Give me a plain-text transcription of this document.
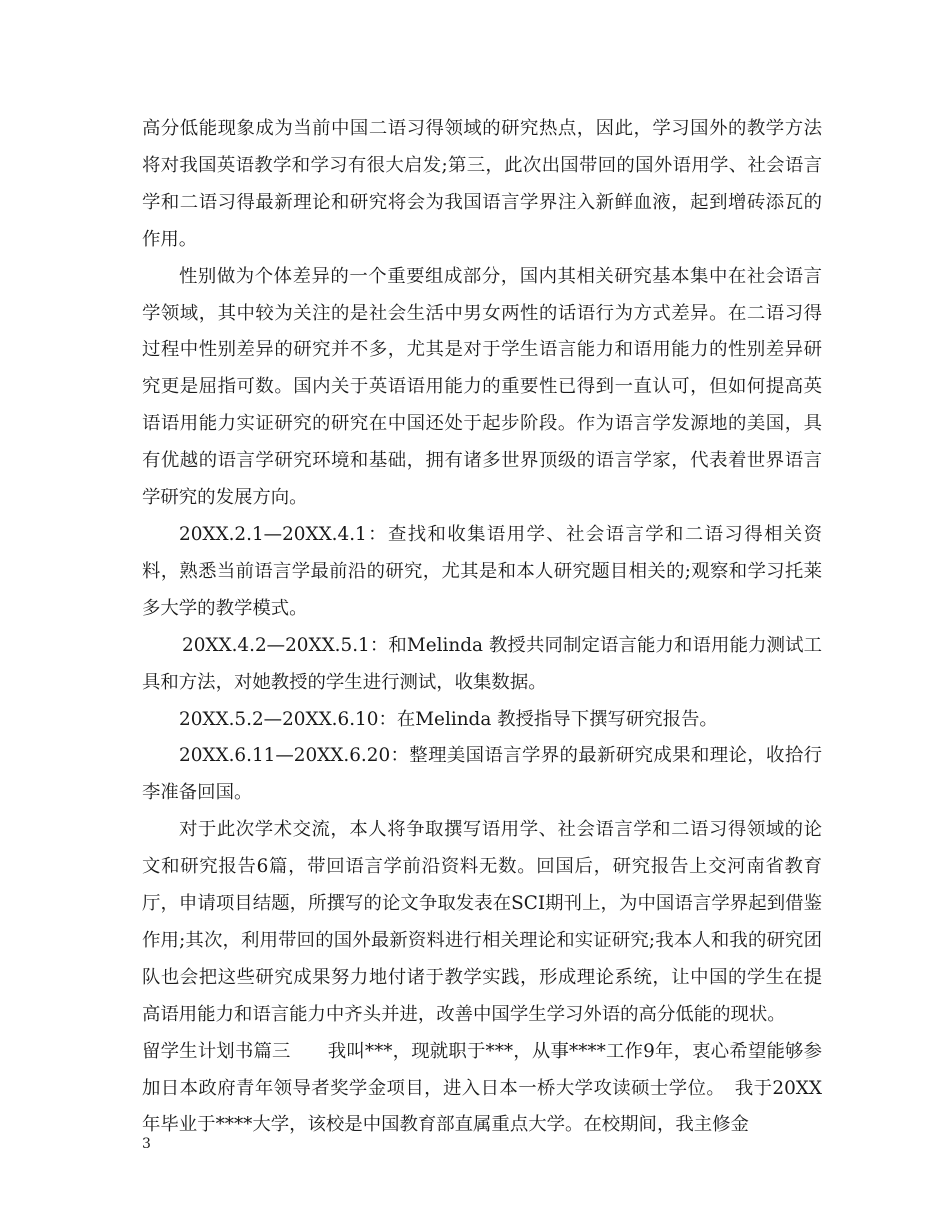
高分低能现象成为当前中国二语习得领域的研究热点，因此，学习国外的教学方法将对我国英语教学和学习有很大启发;第三，此次出国带回的国外语用学、社会语言学和二语习得最新理论和研究将会为我国语言学界注入新鲜血液，起到增砖添瓦的作用。

性别做为个体差异的一个重要组成部分，国内其相关研究基本集中在社会语言学领域，其中较为关注的是社会生活中男女两性的话语行为方式差异。在二语习得过程中性别差异的研究并不多，尤其是对于学生语言能力和语用能力的性别差异研究更是屈指可数。国内关于英语语用能力的重要性已得到一直认可，但如何提高英语语用能力实证研究的研究在中国还处于起步阶段。作为语言学发源地的美国，具有优越的语言学研究环境和基础，拥有诸多世界顶级的语言学家，代表着世界语言学研究的发展方向。

20XX.2.1—20XX.4.1：查找和收集语用学、社会语言学和二语习得相关资料，熟悉当前语言学最前沿的研究，尤其是和本人研究题目相关的;观察和学习托莱多大学的教学模式。

20XX.4.2—20XX.5.1：和Melinda 教授共同制定语言能力和语用能力测试工具和方法，对她教授的学生进行测试，收集数据。

20XX.5.2—20XX.6.10：在Melinda 教授指导下撰写研究报告。

20XX.6.11—20XX.6.20：整理美国语言学界的最新研究成果和理论，收拾行李准备回国。

对于此次学术交流，本人将争取撰写语用学、社会语言学和二语习得领域的论文和研究报告6篇，带回语言学前沿资料无数。回国后，研究报告上交河南省教育厅，申请项目结题，所撰写的论文争取发表在SCI期刊上，为中国语言学界起到借鉴作用;其次，利用带回的国外最新资料进行相关理论和实证研究;我本人和我的研究团队也会把这些研究成果努力地付诸于教学实践，形成理论系统，让中国的学生在提高语用能力和语言能力中齐头并进，改善中国学生学习外语的高分低能的现状。

留学生计划书篇三　　我叫***，现就职于***，从事****工作9年，衷心希望能够参加日本政府青年领导者奖学金项目，进入日本一桥大学攻读硕士学位。　我于20XX年毕业于****大学，该校是中国教育部直属重点大学。在校期间，我主修金

3
